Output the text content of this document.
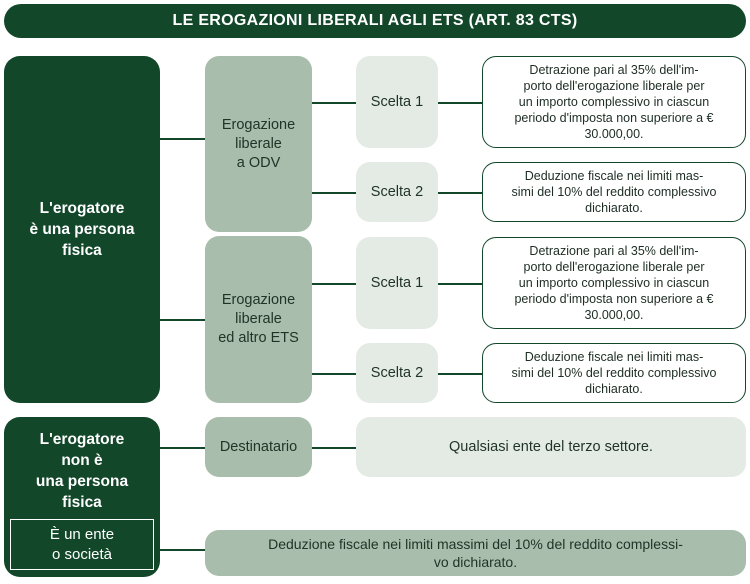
LE EROGAZIONI LIBERALI AGLI ETS (ART. 83 CTS)
L'erogatore
è una persona
fisica
Erogazione
liberale
a ODV
Erogazione
liberale
ed altro ETS
Scelta 1
Scelta 2
Scelta 1
Scelta 2
Detrazione pari al 35% dell'im-
porto dell'erogazione liberale per
un importo complessivo in ciascun
periodo d'imposta non superiore a €
30.000,00.
Deduzione fiscale nei limiti mas-
simi del 10% del reddito complessivo
dichiarato.
Detrazione pari al 35% dell'im-
porto dell'erogazione liberale per
un importo complessivo in ciascun
periodo d'imposta non superiore a €
30.000,00.
Deduzione fiscale nei limiti mas-
simi del 10% del reddito complessivo
dichiarato.
L'erogatore
non è
una persona
fisica
È un ente
o società
Destinatario	Qualsiasi ente del terzo settore.
Deduzione fiscale nei limiti massimi del 10% del reddito complessi-
vo dichiarato.
